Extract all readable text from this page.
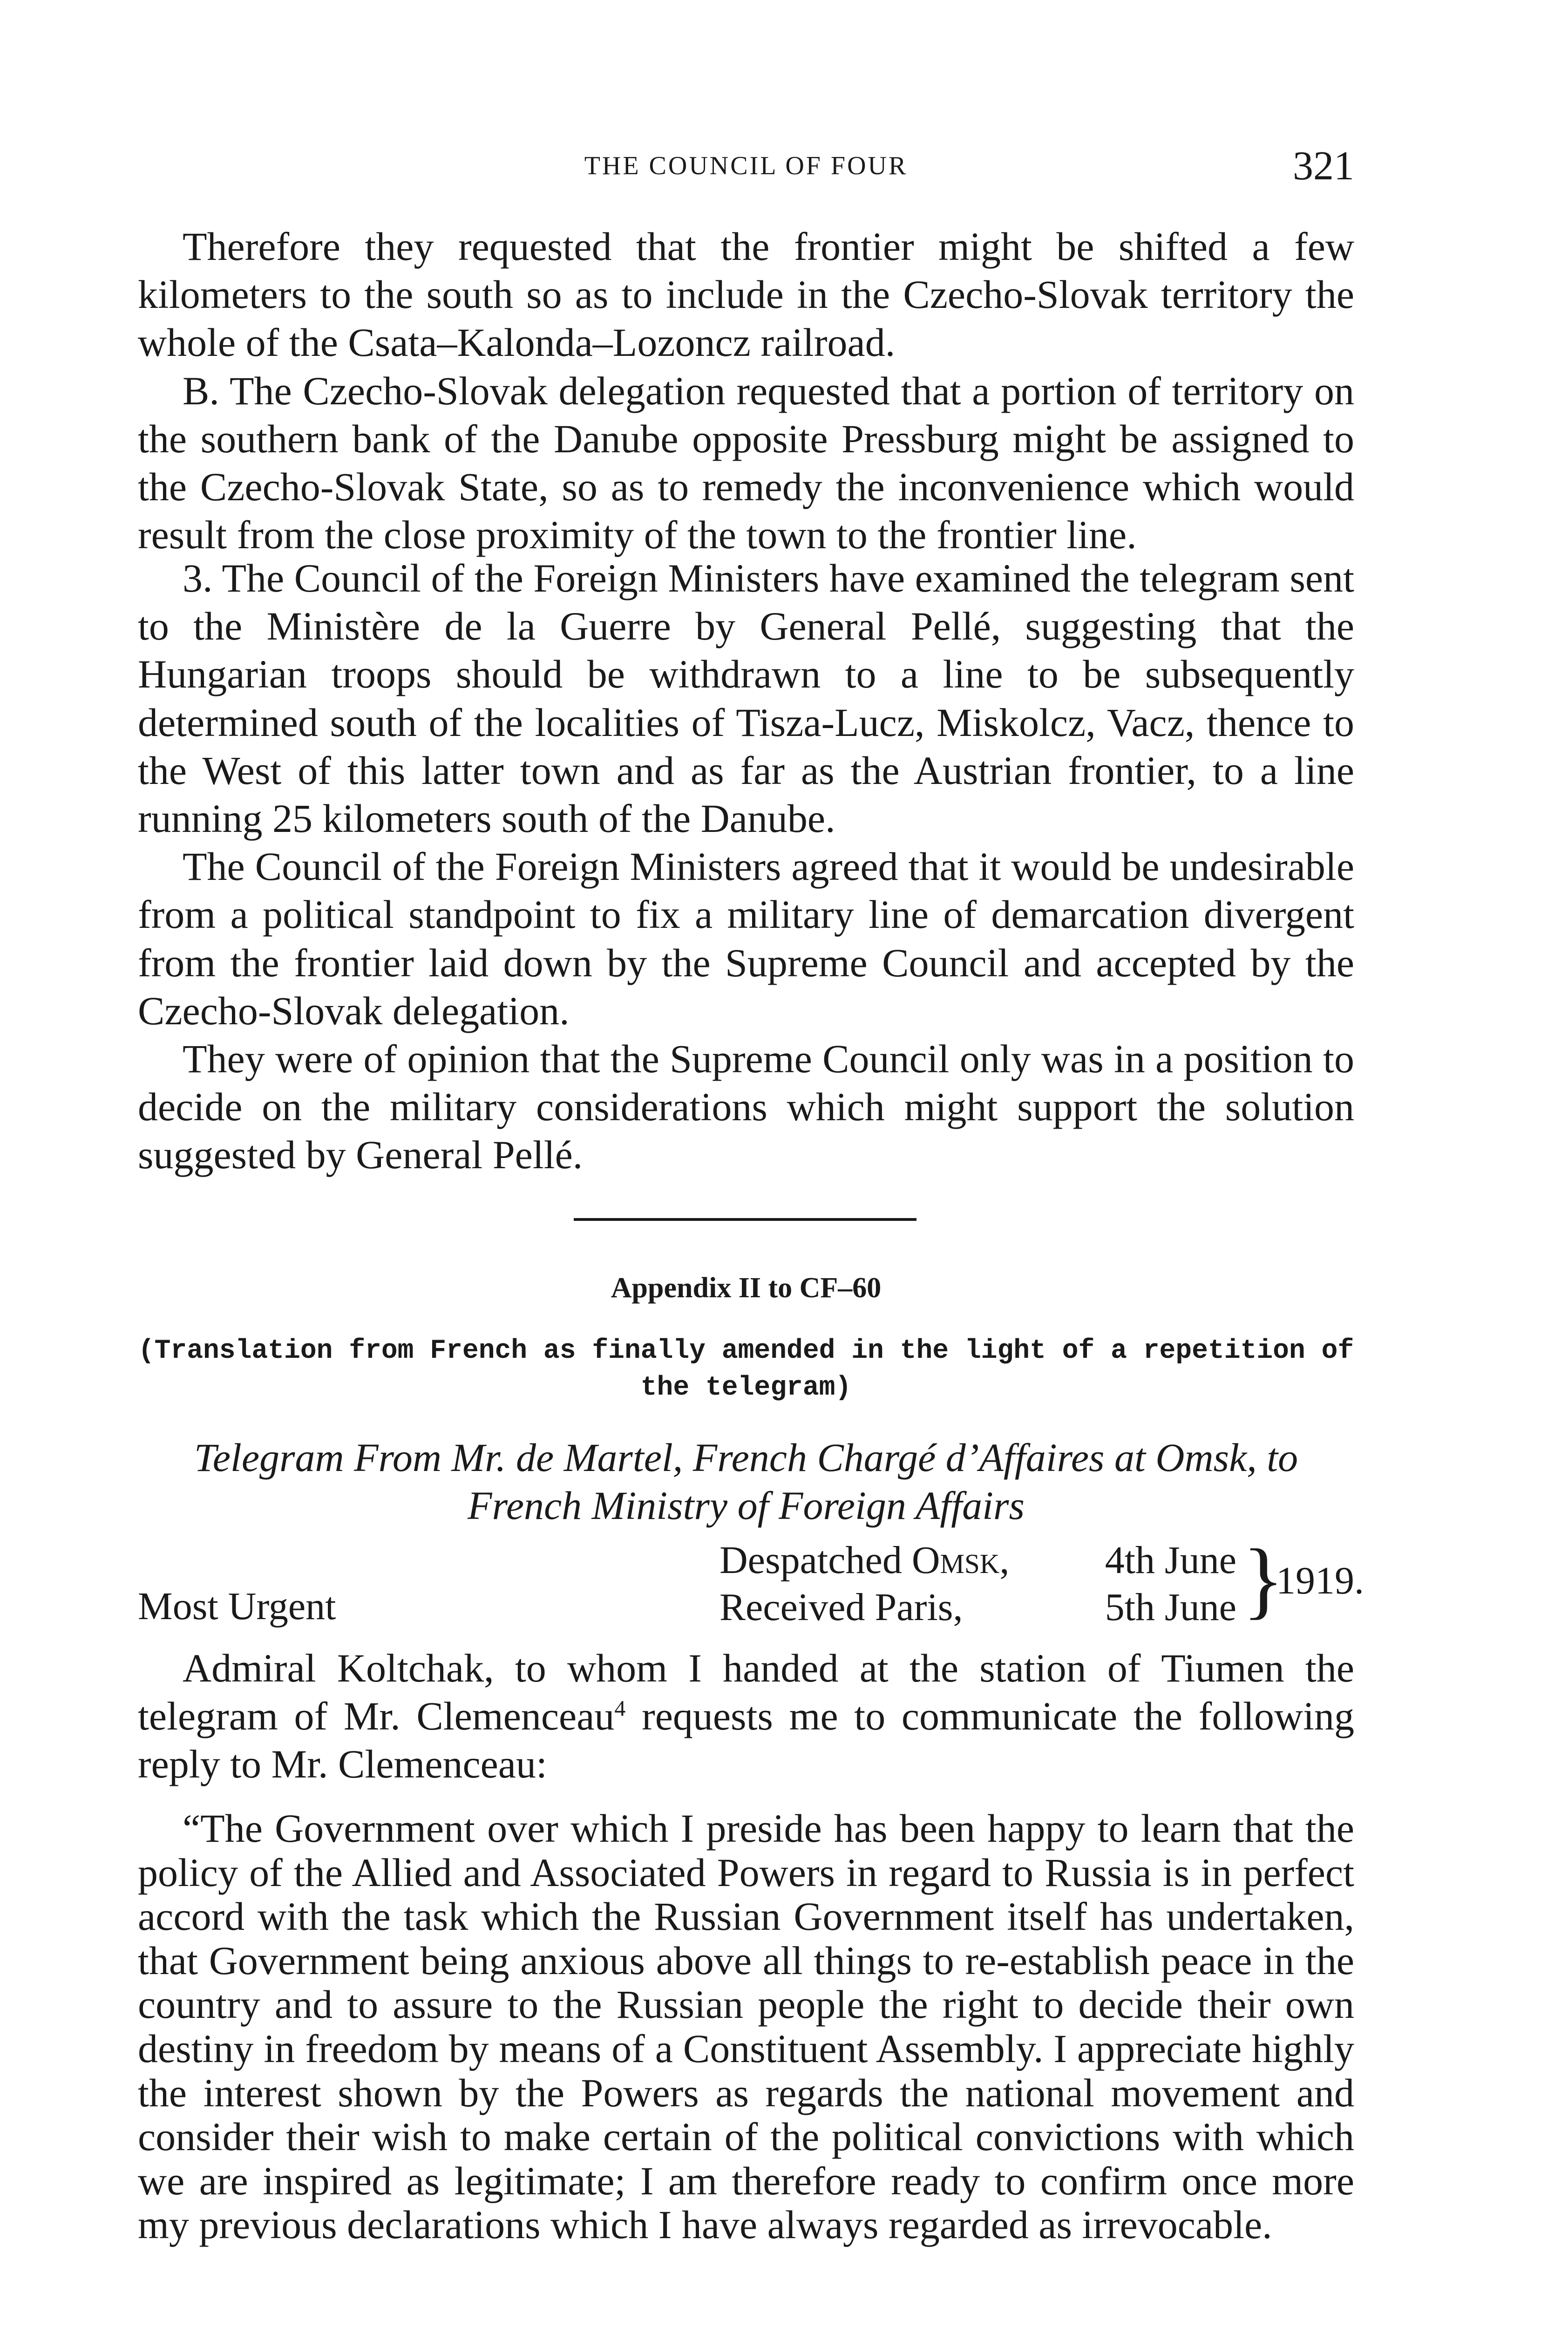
THE COUNCIL OF FOUR	321

Therefore they requested that the frontier might be shifted a few kilometers to the south so as to include in the Czecho-Slovak territory the whole of the Csata–Kalonda–Lozoncz railroad.

B. The Czecho-Slovak delegation requested that a portion of territory on the southern bank of the Danube opposite Pressburg might be assigned to the Czecho-Slovak State, so as to remedy the inconvenience which would result from the close proximity of the town to the frontier line.

3. The Council of the Foreign Ministers have examined the telegram sent to the Ministère de la Guerre by General Pellé, suggesting that the Hungarian troops should be withdrawn to a line to be subsequently determined south of the localities of Tisza-Lucz, Miskolcz, Vacz, thence to the West of this latter town and as far as the Austrian frontier, to a line running 25 kilometers south of the Danube.

The Council of the Foreign Ministers agreed that it would be undesirable from a political standpoint to fix a military line of demarcation divergent from the frontier laid down by the Supreme Council and accepted by the Czecho-Slovak delegation.

They were of opinion that the Supreme Council only was in a position to decide on the military considerations which might support the solution suggested by General Pellé.

Appendix II to CF–60
(Translation from French as finally amended in the light of a repetition of the telegram)
Telegram From Mr. de Martel, French Chargé d’Affaires at Omsk, to French Ministry of Foreign Affairs
Most Urgent
Despatched Omsk, 4th June
Received Paris,	5th June }
1919.

Admiral Koltchak, to whom I handed at the station of Tiumen the telegram of Mr. Clemenceau$^4$ requests me to communicate the following reply to Mr. Clemenceau:

“The Government over which I preside has been happy to learn that the policy of the Allied and Associated Powers in regard to Russia is in perfect accord with the task which the Russian Government itself has undertaken, that Government being anxious above all things to re-establish peace in the country and to assure to the Russian people the right to decide their own destiny in freedom by means of a Constituent Assembly. I appreciate highly the interest shown by the Powers as regards the national movement and consider their wish to make certain of the political convictions with which we are inspired as legitimate; I am therefore ready to confirm once more my previous declarations which I have always regarded as irrevocable.
